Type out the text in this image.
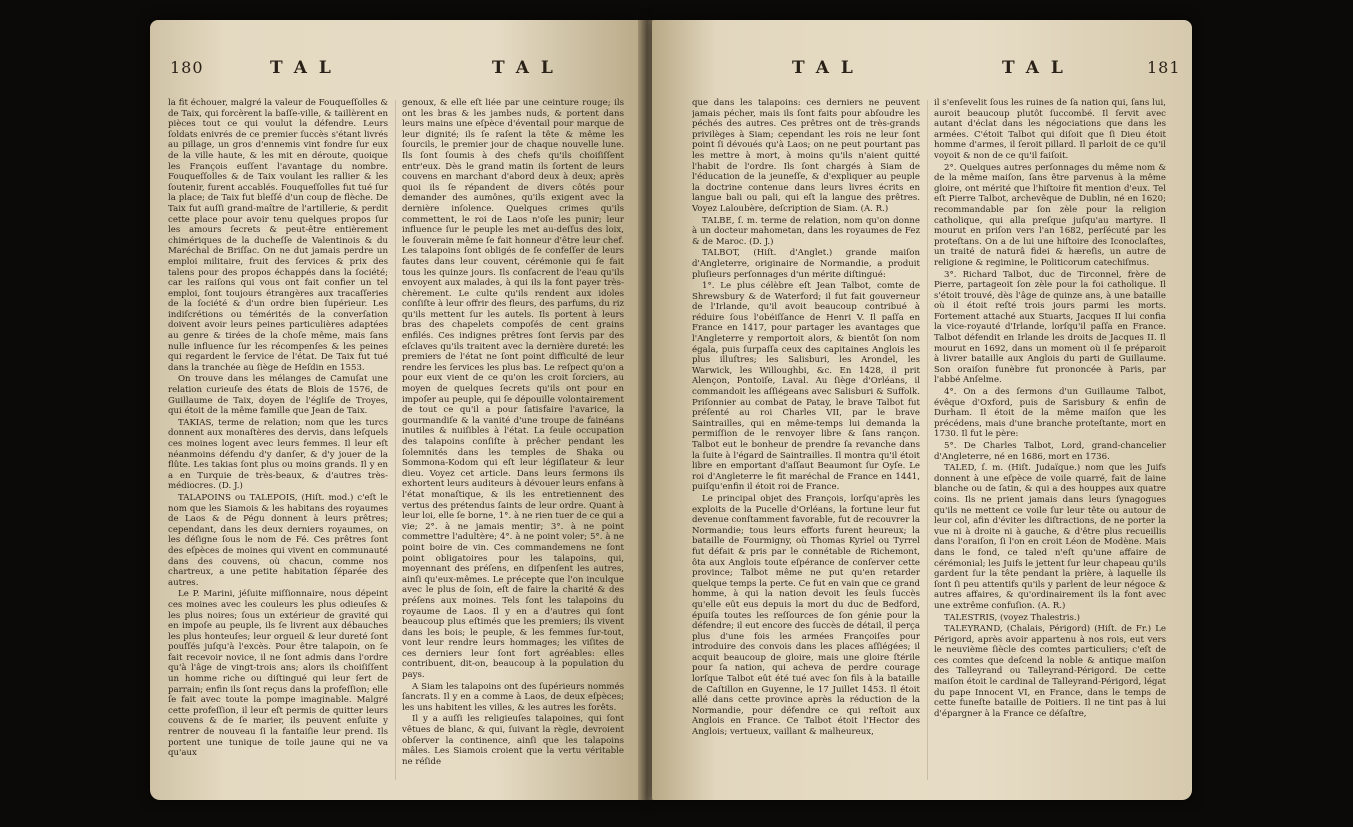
180	TAL	TAL

la fit échouer, malgré la valeur de Fouqueſſolles & de Taix, qui forcèrent la baſſe-ville, & taillèrent en pièces tout ce qui voulut la défendre. Leurs ſoldats enivrés de ce premier ſuccès s'étant livrés au pillage, un gros d'ennemis vint fondre ſur eux de la ville haute, & les mit en déroute, quoique les François euſſent l'avantage du nombre. Fouqueſſolles & de Taix voulant les rallier & les ſoutenir, furent accablés. Fouqueſſolles fut tué ſur la place; de Taix fut bleſſé d'un coup de flèche. De Taix fut auſſi grand-maître de l'artillerie, & perdit cette place pour avoir tenu quelques propos ſur les amours ſecrets & peut-être entièrement chimériques de la ducheſſe de Valentinois & du Maréchal de Briſſac. On ne dut jamais perdre un emploi militaire, fruit des ſervices & prix des talens pour des propos échappés dans la ſociété; car les raiſons qui vous ont fait confier un tel emploi, ſont toujours étrangères aux tracaſſeries de la ſociété & d'un ordre bien ſupérieur. Les indiſcrétions ou témérités de la converſation doivent avoir leurs peines particulières adaptées au genre & tirées de la choſe même, mais ſans nulle influence ſur les récompenſes & les peines qui regardent le ſervice de l'état. De Taix fut tué dans la tranchée au ſiège de Heſdin en 1553.

On trouve dans les mélanges de Camuſat une relation curieuſe des états de Blois de 1576, de Guillaume de Taix, doyen de l'égliſe de Troyes, qui étoit de la même famille que Jean de Taix.

TAKIAS, terme de relation; nom que les turcs donnent aux monaſtères des dervis, dans leſquels ces moines logent avec leurs femmes. Il leur eſt néanmoins défendu d'y danſer, & d'y jouer de la flûte. Les takias ſont plus ou moins grands. Il y en a en Turquie de très-beaux, & d'autres très-médiocres. (D. J.)

TALAPOINS ou TALEPOIS, (Hiſt. mod.) c'eſt le nom que les Siamois & les habitans des royaumes de Laos & de Pégu donnent à leurs prêtres; cependant, dans les deux derniers royaumes, on les déſigne ſous le nom de Fé. Ces prêtres ſont des eſpèces de moines qui vivent en communauté dans des couvens, où chacun, comme nos chartreux, a une petite habitation ſéparée des autres.

Le P. Marini, jéſuite miſſionnaire, nous dépeint ces moines avec les couleurs les plus odieuſes & les plus noires; ſous un extérieur de gravité qui en impoſe au peuple, ils ſe livrent aux débauches les plus honteuſes; leur orgueil & leur dureté ſont pouſſés juſqu'à l'excès. Pour être talapoin, on ſe fait recevoir novice, il ne ſont admis dans l'ordre qu'à l'âge de vingt-trois ans; alors ils choiſiſſent un homme riche ou diſtingué qui leur ſert de parrain; enfin ils ſont reçus dans la profeſſion; elle ſe fait avec toute la pompe imaginable. Malgré cette profeſſion, il leur eſt permis de quitter leurs couvens & de ſe marier, ils peuvent enſuite y rentrer de nouveau ſi la fantaiſie leur prend. Ils portent une tunique de toile jaune qui ne va qu'aux

genoux, & elle eſt liée par une ceinture rouge; ils ont les bras & les jambes nuds, & portent dans leurs mains une eſpèce d'éventail pour marque de leur dignité; ils ſe raſent la tête & même les ſourcils, le premier jour de chaque nouvelle lune. Ils ſont ſoumis à des chefs qu'ils choiſiſſent entr'eux. Dès le grand matin ils ſortent de leurs couvens en marchant d'abord deux à deux; après quoi ils ſe répandent de divers côtés pour demander des aumônes, qu'ils exigent avec la dernière inſolence. Quelques crimes qu'ils commettent, le roi de Laos n'oſe les punir; leur influence ſur le peuple les met au-deſſus des loix, le ſouverain même ſe fait honneur d'être leur chef. Les talapoins ſont obligés de ſe confeſſer de leurs fautes dans leur couvent, cérémonie qui ſe fait tous les quinze jours. Ils conſacrent de l'eau qu'ils envoyent aux malades, à qui ils la font payer très-chèrement. Le culte qu'ils rendent aux idoles conſiſte à leur offrir des fleurs, des parfums, du riz qu'ils mettent ſur les autels. Ils portent à leurs bras des chapelets compoſés de cent grains enfilés. Ces indignes prêtres ſont ſervis par des eſclaves qu'ils traitent avec la dernière dureté: les premiers de l'état ne ſont point difficulté de leur rendre les ſervices les plus bas. Le reſpect qu'on a pour eux vient de ce qu'on les croit ſorciers, au moyen de quelques ſecrets qu'ils ont pour en impoſer au peuple, qui ſe dépouille volontairement de tout ce qu'il a pour ſatisfaire l'avarice, la gourmandiſe & la vanité d'une troupe de fainéans inutiles & nuiſibles à l'état. La ſeule occupation des talapoins conſiſte à prêcher pendant les ſolemnités dans les temples de Shaka ou Sommona-Kodom qui eſt leur légiſlateur & leur dieu. Voyez cet article. Dans leurs ſermons ils exhortent leurs auditeurs à dévouer leurs enfans à l'état monaſtique, & ils les entretiennent des vertus des prétendus ſaints de leur ordre. Quant à leur loi, elle ſe borne, 1°. à ne rien tuer de ce qui a vie; 2°. à ne jamais mentir; 3°. à ne point commettre l'adultère; 4°. à ne point voler; 5°. à ne point boire de vin. Ces commandemens ne ſont point obligatoires pour les talapoins, qui, moyennant des préſens, en diſpenſent les autres, ainſi qu'eux-mêmes. Le précepte que l'on inculque avec le plus de ſoin, eſt de faire la charité & des préſens aux moines. Tels ſont les talapoins du royaume de Laos. Il y en a d'autres qui ſont beaucoup plus eſtimés que les premiers; ils vivent dans les bois; le peuple, & les femmes ſur-tout, vont leur rendre leurs hommages; les viſites de ces derniers leur ſont fort agréables: elles contribuent, dit-on, beaucoup à la population du pays.

A Siam les talapoins ont des ſupérieurs nommés ſancrats. Il y en a comme à Laos, de deux eſpèces; les uns habitent les villes, & les autres les forêts.

Il y a auſſi les religieuſes talapoines, qui ſont vêtues de blanc, & qui, ſuivant la règle, devroient obſerver la continence, ainſi que les talapoins mâles. Les Siamois croient que la vertu véritable ne réſide

TAL	TAL	181

que dans les talapoins: ces derniers ne peuvent jamais pécher, mais ils ſont faits pour abſoudre les péchés des autres. Ces prêtres ont de très-grands privilèges à Siam; cependant les rois ne leur ſont point ſi dévoués qu'à Laos; on ne peut pourtant pas les mettre à mort, à moins qu'ils n'aient quitté l'habit de l'ordre. Ils ſont chargés à Siam de l'éducation de la jeuneſſe, & d'expliquer au peuple la doctrine contenue dans leurs livres écrits en langue bali ou pali, qui eſt la langue des prêtres. Voyez Laloubère, deſcription de Siam. (A. R.)

TALBE, ſ. m. terme de relation, nom qu'on donne à un docteur mahometan, dans les royaumes de Fez & de Maroc. (D. J.)

TALBOT, (Hiſt. d'Anglet.) grande maiſon d'Angleterre, originaire de Normandie, a produit pluſieurs perſonnages d'un mérite diſtingué:

1°. Le plus célèbre eſt Jean Talbot, comte de Shrewsbury & de Waterford; il fut fait gouverneur de l'Irlande, qu'il avoit beaucoup contribué à réduire ſous l'obéiſſance de Henri V. Il paſſa en France en 1417, pour partager les avantages que l'Angleterre y remportoit alors, & bientôt ſon nom égala, puis ſurpaſſa ceux des capitaines Anglois les plus illuſtres; les Salisburi, les Arondel, les Warwick, les Willoughbi, &c. En 1428, il prit Alençon, Pontoiſe, Laval. Au ſiège d'Orléans, il commandoit les aſſiégeans avec Salisburi & Suffolk. Priſonnier au combat de Patay, le brave Talbot fut préſenté au roi Charles VII, par le brave Saintrailles, qui en même-temps lui demanda la permiſſion de le renvoyer libre & ſans rançon. Talbot eut le bonheur de prendre ſa revanche dans la ſuite à l'égard de Saintrailles. Il montra qu'il étoit libre en emportant d'aſſaut Beaumont ſur Oyſe. Le roi d'Angleterre le fit maréchal de France en 1441, puiſqu'enfin il étoit roi de France.

Le principal objet des François, lorſqu'après les exploits de la Pucelle d'Orléans, la fortune leur fut devenue conſtamment favorable, fut de recouvrer la Normandie; tous leurs efforts furent heureux; la bataille de Fourmigny, où Thomas Kyriel ou Tyrrel fut défait & pris par le connétable de Richemont, ôta aux Anglois toute eſpérance de conſerver cette province; Talbot même ne put qu'en retarder quelque temps la perte. Ce fut en vain que ce grand homme, à qui la nation devoit les ſeuls ſuccès qu'elle eût eus depuis la mort du duc de Bedford, épuiſa toutes les reſſources de ſon génie pour la défendre; il eut encore des ſuccès de détail, il perça plus d'une fois les armées Françoiſes pour introduire des convois dans les places aſſiégées; il acquit beaucoup de gloire, mais une gloire ſtérile pour ſa nation, qui acheva de perdre courage lorſque Talbot eût été tué avec ſon fils à la bataille de Caſtillon en Guyenne, le 17 Juillet 1453. Il étoit allé dans cette province après la réduction de la Normandie, pour défendre ce qui reſtoit aux Anglois en France. Ce Talbot étoit l'Hector des Anglois; vertueux, vaillant & malheureux,

il s'enſevelit ſous les ruines de ſa nation qui, ſans lui, auroit beaucoup plutôt ſuccombé. Il ſervit avec autant d'éclat dans les négociations que dans les armées. C'étoit Talbot qui diſoit que ſi Dieu étoit homme d'armes, il ſeroit pillard. Il parloit de ce qu'il voyoit & non de ce qu'il faiſoit.

2°. Quelques autres perſonnages du même nom & de la même maiſon, ſans être parvenus à la même gloire, ont mérité que l'hiſtoire fit mention d'eux. Tel eſt Pierre Talbot, archevêque de Dublin, né en 1620; recommandable par ſon zèle pour la religion catholique, qui alla preſque juſqu'au martyre. Il mourut en priſon vers l'an 1682, perſécuté par les proteſtans. On a de lui une hiſtoire des Iconoclaſtes, un traité de naturâ fidei & hæreſis, un autre de religione & regimine, le Politicorum catechiſmus.

3°. Richard Talbot, duc de Tirconnel, frère de Pierre, partageoit ſon zèle pour la foi catholique. Il s'étoit trouvé, dès l'âge de quinze ans, à une bataille où il étoit reſté trois jours parmi les morts. Fortement attaché aux Stuarts, Jacques II lui confia la vice-royauté d'Irlande, lorſqu'il paſſa en France. Talbot défendit en Irlande les droits de Jacques II. Il mourut en 1692, dans un moment où il ſe préparoit à livrer bataille aux Anglois du parti de Guillaume. Son oraiſon funèbre fut prononcée à Paris, par l'abbé Anſelme.

4°. On a des ſermons d'un Guillaume Talbot, évêque d'Oxford, puis de Sarisbury & enfin de Durham. Il étoit de la même maiſon que les précédens, mais d'une branche proteſtante, mort en 1730. Il fut le père:

5°. De Charles Talbot, Lord, grand-chancelier d'Angleterre, né en 1686, mort en 1736.

TALED, ſ. m. (Hiſt. Judaïque.) nom que les Juifs donnent à une eſpèce de voile quarré, fait de laine blanche ou de ſatin, & qui a des houppes aux quatre coins. Ils ne prient jamais dans leurs ſynagogues qu'ils ne mettent ce voile ſur leur tête ou autour de leur col, afin d'éviter les diſtractions, de ne porter la vue ni à droite ni à gauche, & d'être plus recueillis dans l'oraiſon, ſi l'on en croit Léon de Modène. Mais dans le fond, ce taled n'eſt qu'une affaire de cérémonial; les Juifs le jettent ſur leur chapeau qu'ils gardent ſur la tête pendant la prière, à laquelle ils ſont ſi peu attentifs qu'ils y parlent de leur négoce & autres affaires, & qu'ordinairement ils la font avec une extrême confuſion. (A. R.)

TALESTRIS, (voyez Thalestris.)

TALEYRAND, (Chalais, Périgord) (Hiſt. de Fr.) Le Périgord, après avoir appartenu à nos rois, eut vers le neuvième ſiècle des comtes particuliers; c'eſt de ces comtes que deſcend la noble & antique maiſon des Talleyrand ou Talleyrand-Périgord. De cette maiſon étoit le cardinal de Talleyrand-Périgord, légat du pape Innocent VI, en France, dans le temps de cette funeſte bataille de Poitiers. Il ne tint pas à lui d'épargner à la France ce déſaſtre,
